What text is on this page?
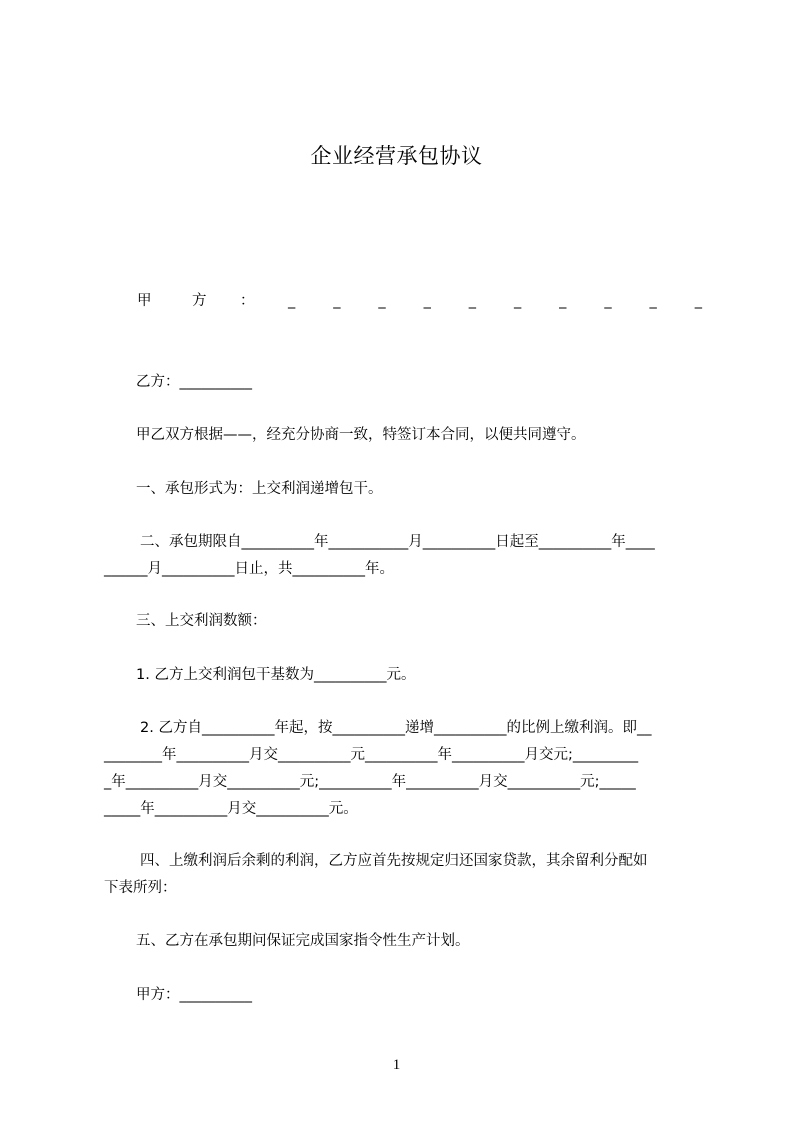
企业经营承包协议
甲	方 ： _	_	_	_	_	_	_	_	_	_

乙方：__________

甲乙双方根据——，经充分协商一致，特签订本合同，以便共同遵守。

一、承包形式为：上交利润递增包干。

二、承包期限自__________年___________月__________日起至__________年____

______月__________日止，共__________年。

三、上交利润数额：

1. 乙方上交利润包干基数为__________元。

2. 乙方自__________年起，按__________递增__________的比例上缴利润。即__

________年__________月交__________元__________年__________月交元;_________

_年__________月交__________元;__________年__________月交__________元;_____

_____年__________月交__________元。

四、上缴利润后余剩的利润，乙方应首先按规定归还国家贷款，其余留利分配如

下表所列：

五、乙方在承包期问保证完成国家指令性生产计划。

甲方：__________

1
